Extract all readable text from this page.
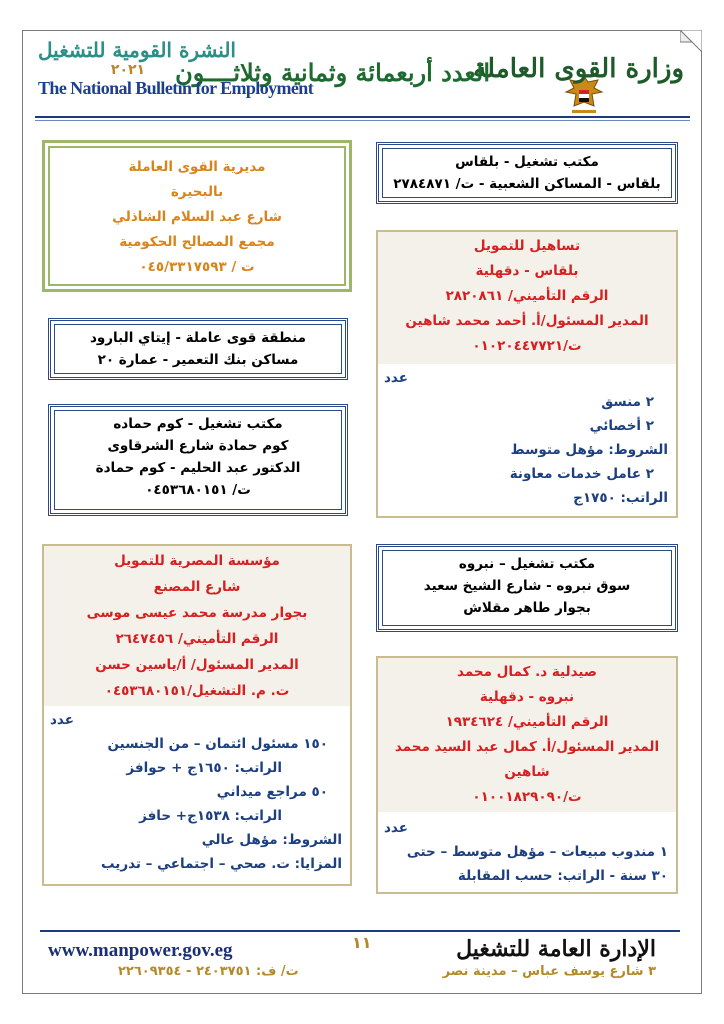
وزارة القوى العاملة
العدد أربعمائة وثمانية وثلاثــــون
النشرة القومية للتشغيل
٢٠٢١
The National Bulletin for Employment
مكتب تشغيل - بلقاس
بلقاس - المساكن الشعبية - ت/ ٢٧٨٤٨٧١
تساهيل للتمويل
بلقاس - دقهلية
الرقم التأميني/ ٢٨٢٠٨٦١
المدير المسئول/أ. أحمد محمد شاهين
ت/٠١٠٢٠٤٤٧٧٢١
عدد
٢ منسق
٢ أخصائي
الشروط: مؤهل متوسط
٢ عامل خدمات معاونة
الراتب: ١٧٥٠ج
مكتب تشغيل – نبروه
سوق نبروه - شارع الشيخ سعيد
بجوار طاهر مقلاش
صيدلية د. كمال محمد
نبروه - دقهلية
الرقم التأميني/ ١٩٣٤٦٢٤
المدير المسئول/أ. كمال عبد السيد محمد
شاهين
ت/٠١٠٠١٨٢٩٠٩٠
عدد
١ مندوب مبيعات – مؤهل متوسط – حتى
٣٠ سنة - الراتب: حسب المقابلة
مديرية القوى العاملة
بالبحيرة
شارع عبد السلام الشاذلي
مجمع المصالح الحكومية
ت / ٠٤٥/٣٣١٧٥٩٣
منطقة قوى عاملة - إيتاي البارود
مساكن بنك التعمير - عمارة ٢٠
مكتب تشغيل - كوم حماده
كوم حمادة شارع الشرقاوى
الدكتور عبد الحليم - كوم حمادة
ت/ ٠٤٥٣٦٨٠١٥١
مؤسسة المصرية للتمويل
شارع المصنع
بجوار مدرسة محمد عيسى موسى
الرقم التأميني/ ٢٦٤٧٤٥٦
المدير المسئول/ أ/ياسين حسن
ت. م. التشغيل/٠٤٥٣٦٨٠١٥١
عدد
١٥٠ مسئول ائتمان – من الجنسين
الراتب: ١٦٥٠ج + حوافز
٥٠ مراجع ميداني
الراتب: ١٥٣٨ج+ حافز
الشروط: مؤهل عالي
المزايا: ت. صحي – اجتماعي – تدريب
١١	الإدارة العامة للتشغيل
٣ شارع يوسف عباس – مدينة نصر
www.manpower.gov.eg
ت/ ف: ٢٤٠٣٧٥١ - ٢٢٦٠٩٣٥٤
